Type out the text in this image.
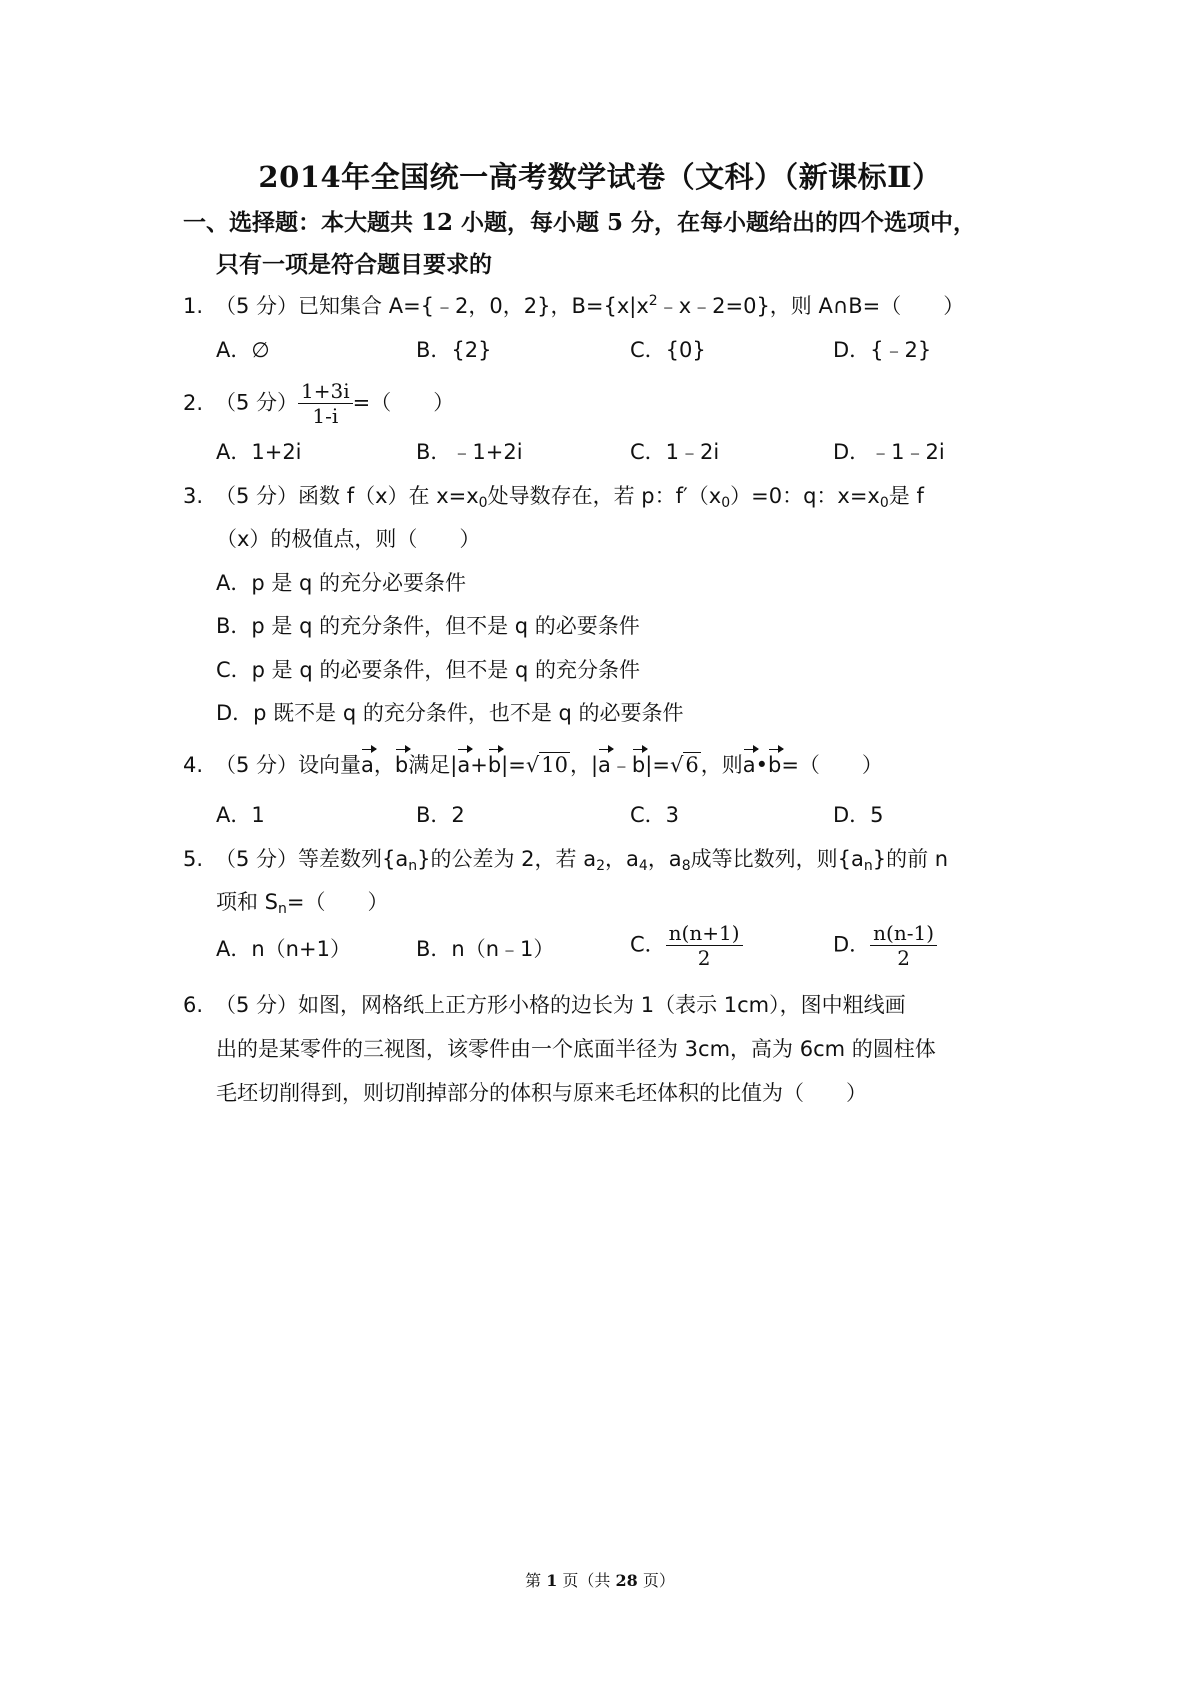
2014年全国统一高考数学试卷（文科）（新课标Ⅱ）
一、选择题：本大题共 12 小题，每小题 5 分，在每小题给出的四个选项中，
只有一项是符合题目要求的
1. （5 分）已知集合 A={﹣2，0，2}，$B=\{x|x^2﹣x﹣2=0\}$，则 A∩B=（　　）
A．∅	B．{2}	C．{0}	D．{﹣2}
2. （5 分） $\frac{1+3i}{1-i}$ =（　　）
A．1+2i	B．﹣1+2i	C．1﹣2i	D．﹣1﹣2i
3. （5 分）函数 f（x）在 $x=x_0$处导数存在，若 p：$f'(x_0)=0$：q：$x=x_0$是 f
（x）的极值点，则（　　）
A．p 是 q 的充分必要条件
B．p 是 q 的充分条件，但不是 q 的必要条件
C．p 是 q 的必要条件，但不是 q 的充分条件
D．p 既不是 q 的充分条件，也不是 q 的必要条件
4. （5 分）设向量a，b满足|a+b|=√10，|a﹣b|=√6，则a•b=（　　）
A．1	B．2	C．3	D．5
5. （5 分）等差数列$\{a_n\}$的公差为 2，若 $a_2$，$a_4$，$a_8$成等比数列，则$\{a_n\}$的前 n
项和 $S_n=$（　　）
A．n（n+1）	B．n（n﹣1）	C． $\frac{n(n+1)}{2}$	D． $\frac{n(n-1)}{2}$
6. （5 分）如图，网格纸上正方形小格的边长为 1（表示 1cm），图中粗线画
出的是某零件的三视图，该零件由一个底面半径为 3cm，高为 6cm 的圆柱体
毛坯切削得到，则切削掉部分的体积与原来毛坯体积的比值为（　　）
第 1 页（共 28 页）
